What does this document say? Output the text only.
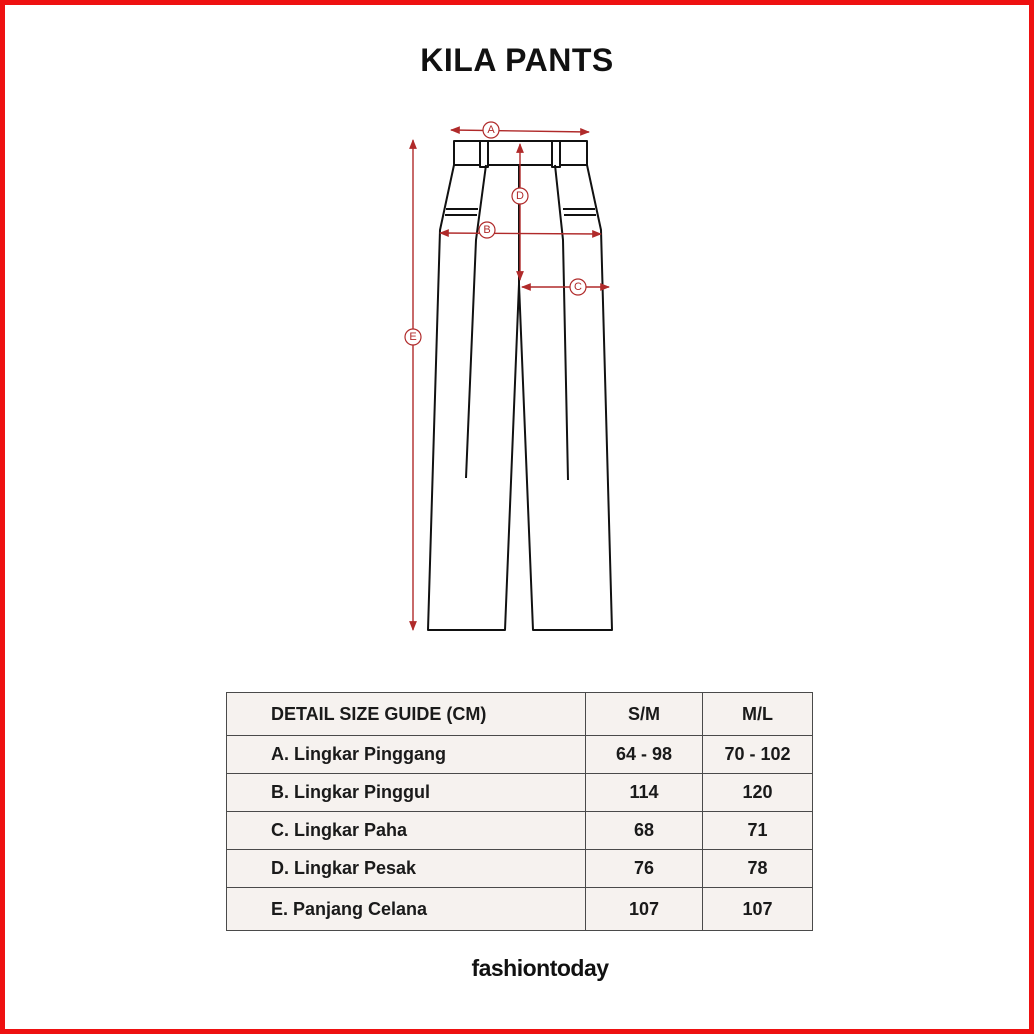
KILA PANTS
A
B
C
D
E
DETAIL SIZE GUIDE (CM)	S/M	M/L
A. Lingkar Pinggang	64 - 98	70 - 102
B. Lingkar Pinggul	114	120
C. Lingkar Paha	68	71
D. Lingkar Pesak	76	78
E. Panjang Celana	107	107
fashiontoday
